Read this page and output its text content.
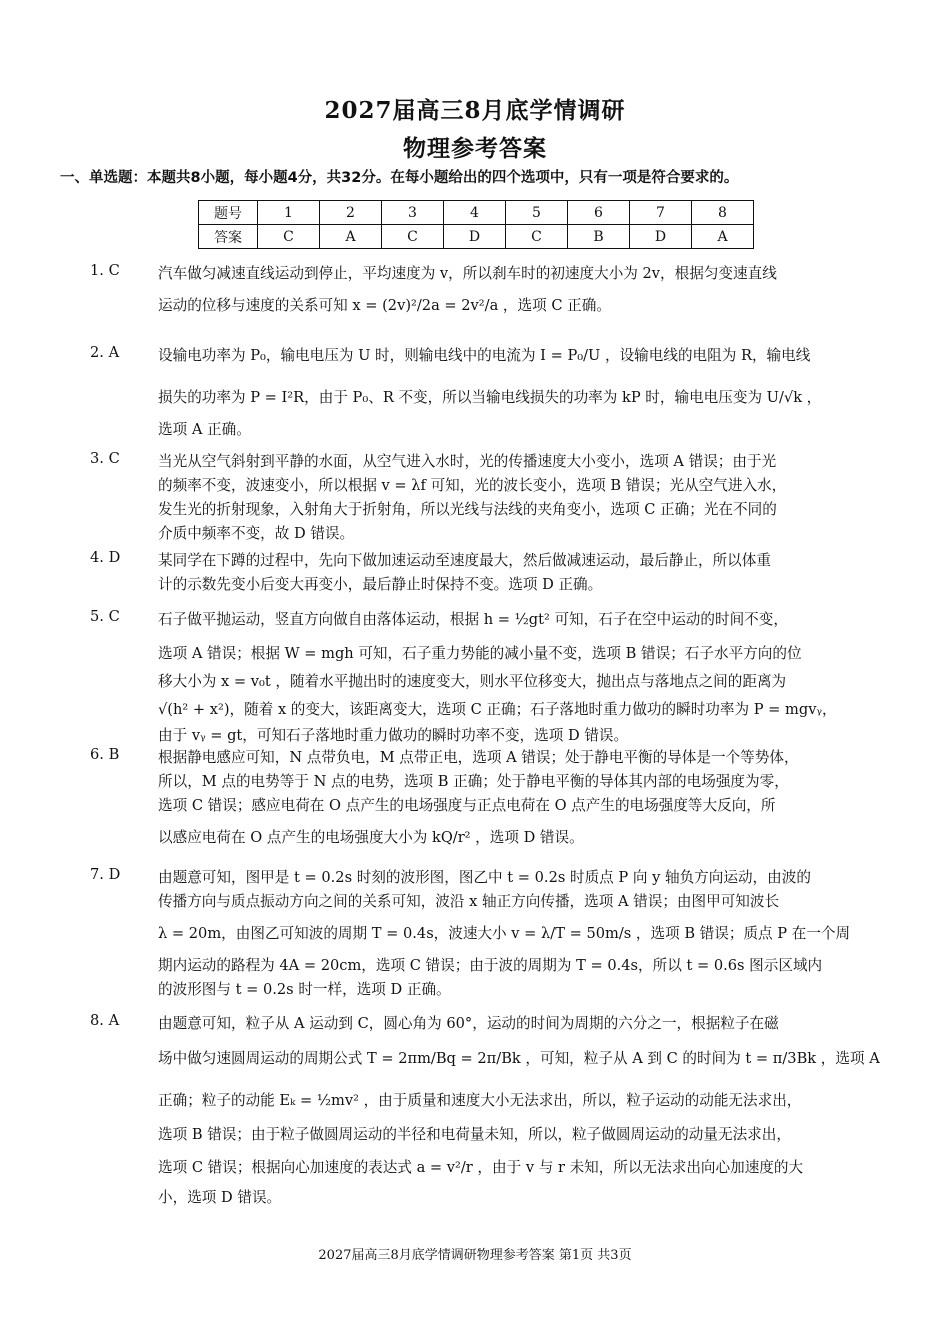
2027届高三8月底学情调研
物理参考答案
一、单选题：本题共8小题，每小题4分，共32分。在每小题给出的四个选项中，只有一项是符合要求的。
题号	1	2	3	4	5	6	7	8
答案	C	A	C	D	C	B	D	A
1. C	汽车做匀减速直线运动到停止，平均速度为 v，所以刹车时的初速度大小为 2v，根据匀变速直线
运动的位移与速度的关系可知 x = (2v)²/2a = 2v²/a ，选项 C 正确。
2. A	设输电功率为 P₀，输电电压为 U 时，则输电线中的电流为 I = P₀/U ，设输电线的电阻为 R，输电线
损失的功率为 P = I²R，由于 P₀、R 不变，所以当输电线损失的功率为 kP 时，输电电压变为 U/√k ，
选项 A 正确。
3. C	当光从空气斜射到平静的水面，从空气进入水时，光的传播速度大小变小，选项 A 错误；由于光
的频率不变，波速变小，所以根据 v = λf 可知，光的波长变小，选项 B 错误；光从空气进入水，
发生光的折射现象，入射角大于折射角，所以光线与法线的夹角变小，选项 C 正确；光在不同的
介质中频率不变，故 D 错误。
4. D	某同学在下蹲的过程中，先向下做加速运动至速度最大，然后做减速运动，最后静止，所以体重
计的示数先变小后变大再变小，最后静止时保持不变。选项 D 正确。
5. C	石子做平抛运动，竖直方向做自由落体运动，根据 h = ½gt² 可知，石子在空中运动的时间不变，
选项 A 错误；根据 W = mgh 可知，石子重力势能的减小量不变，选项 B 错误；石子水平方向的位
移大小为 x = v₀t ，随着水平抛出时的速度变大，则水平位移变大，抛出点与落地点之间的距离为
√(h² + x²)，随着 x 的变大，该距离变大，选项 C 正确；石子落地时重力做功的瞬时功率为 P = mgvᵧ，
由于 vᵧ = gt，可知石子落地时重力做功的瞬时功率不变，选项 D 错误。
6. B	根据静电感应可知，N 点带负电，M 点带正电，选项 A 错误；处于静电平衡的导体是一个等势体，
所以，M 点的电势等于 N 点的电势，选项 B 正确；处于静电平衡的导体其内部的电场强度为零，
选项 C 错误；感应电荷在 O 点产生的电场强度与正点电荷在 O 点产生的电场强度等大反向，所
以感应电荷在 O 点产生的电场强度大小为 kQ/r² ，选项 D 错误。
7. D	由题意可知，图甲是 t = 0.2s 时刻的波形图，图乙中 t = 0.2s 时质点 P 向 y 轴负方向运动，由波的
传播方向与质点振动方向之间的关系可知，波沿 x 轴正方向传播，选项 A 错误；由图甲可知波长
λ = 20m，由图乙可知波的周期 T = 0.4s，波速大小 v = λ/T = 50m/s ，选项 B 错误；质点 P 在一个周
期内运动的路程为 4A = 20cm，选项 C 错误；由于波的周期为 T = 0.4s，所以 t = 0.6s 图示区域内
的波形图与 t = 0.2s 时一样，选项 D 正确。
8. A	由题意可知，粒子从 A 运动到 C，圆心角为 60°，运动的时间为周期的六分之一，根据粒子在磁
场中做匀速圆周运动的周期公式 T = 2πm/Bq = 2π/Bk ，可知，粒子从 A 到 C 的时间为 t = π/3Bk ，选项 A
正确；粒子的动能 Eₖ = ½mv² ，由于质量和速度大小无法求出，所以，粒子运动的动能无法求出，
选项 B 错误；由于粒子做圆周运动的半径和电荷量未知，所以，粒子做圆周运动的动量无法求出，
选项 C 错误；根据向心加速度的表达式 a = v²/r ，由于 v 与 r 未知，所以无法求出向心加速度的大
小，选项 D 错误。
2027届高三8月底学情调研物理参考答案 第1页 共3页
